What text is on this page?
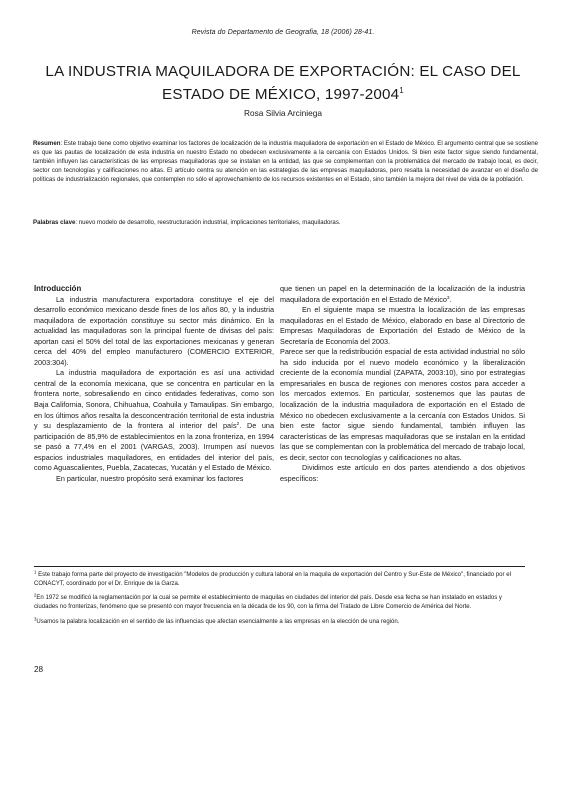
Revista do Departamento de Geografia, 18 (2006) 28-41.
LA INDUSTRIA MAQUILADORA DE EXPORTACIÓN: EL CASO DEL ESTADO DE MÉXICO, 1997-2004$^1$
Rosa Silvia Arciniega
Resumen: Este trabajo tiene como objetivo examinar los factores de localización de la industria maquiladora de exportación en el Estado de México. El argumento central que se sostiene es que las pautas de localización de esta industria en nuestro Estado no obedecen exclusivamente a la cercanía con Estados Unidos. Si bien este factor sigue siendo fundamental, también influyen las características de las empresas maquiladoras que se instalan en la entidad, las que se complementan con la problemática del mercado de trabajo local, es decir, sector con tecnologías y calificaciones no altas. El artículo centra su atención en las estrategias de las empresas maquiladoras, pero resalta la necesidad de avanzar en el diseño de políticas de industrialización regionales, que contemplen no sólo el aprovechamiento de los recursos existentes en el Estado, sino también la mejora del nivel de vida de la población.
Palabras clave: nuevo modelo de desarrollo, reestructuración industrial, implicaciones territoriales, maquiladoras.
Introducción

La industria manufacturera exportadora constituye el eje del desarrollo económico mexicano desde fines de los años 80, y la industria maquiladora de exportación constituye su sector más dinámico. En la actualidad las maquiladoras son la principal fuente de divisas del país: aportan casi el 50% del total de las exportaciones mexicanas y generan cerca del 40% del empleo manufacturero (COMERCIO EXTERIOR, 2003:304).

La industria maquiladora de exportación es así una actividad central de la economía mexicana, que se concentra en particular en la frontera norte, sobresaliendo en cinco entidades federativas, como son Baja California, Sonora, Chihuahua, Coahuila y Tamaulipas. Sin embargo, en los últimos años resalta la desconcentración territorial de esta industria y su desplazamiento de la frontera al interior del país$^2$. De una participación de 85,9% de establecimientos en la zona fronteriza, en 1994 se pasó a 77,4% en el 2001 (VARGAS, 2003). Irrumpen así nuevos espacios industriales maquiladores, en entidades del interior del país, como Aguascalientes, Puebla, Zacatecas, Yucatán y el Estado de México.

En particular, nuestro propósito será examinar los factores

que tienen un papel en la determinación de la localización de la industria maquiladora de exportación en el Estado de México$^3$.

En el siguiente mapa se muestra la localización de las empresas maquiladoras en el Estado de México, elaborado en base al Directorio de Empresas Maquiladoras de Exportación del Estado de México de la Secretaría de Economía del 2003.

Parece ser que la redistribución espacial de esta actividad industrial no sólo ha sido inducida por el nuevo modelo económico y la liberalización creciente de la economía mundial (ZAPATA, 2003:10), sino por estrategias empresariales en busca de regiones con menores costos para acceder a los mercados externos. En particular, sostenemos que las pautas de localización de la industria maquiladora de exportación en el Estado de México no obedecen exclusivamente a la cercanía con Estados Unidos. Si bien este factor sigue siendo fundamental, también influyen las características de las empresas maquiladoras que se instalan en la entidad las que se complementan con la problemática del mercado de trabajo local, es decir, sector con tecnologías y calificaciones no altas.

Dividimos este artículo en dos partes atendiendo a dos objetivos específicos:

$^1$ Este trabajo forma parte del proyecto de investigación "Modelos de producción y cultura laboral en la maquila de exportación del Centro y Sur-Este de México", financiado por el CONACYT, coordinado por el Dr. Enrique de la Garza.

$^2$En 1972 se modificó la reglamentación por la cual se permite el establecimiento de maquilas en ciudades del interior del país. Desde esa fecha se han instalado en estados y ciudades no fronterizas, fenómeno que se presentó con mayor frecuencia en la década de los 90, con la firma del Tratado de Libre Comercio de América del Norte.

$^3$Usamos la palabra localización en el sentido de las influencias que afectan esencialmente a las empresas en la elección de una región.

28
